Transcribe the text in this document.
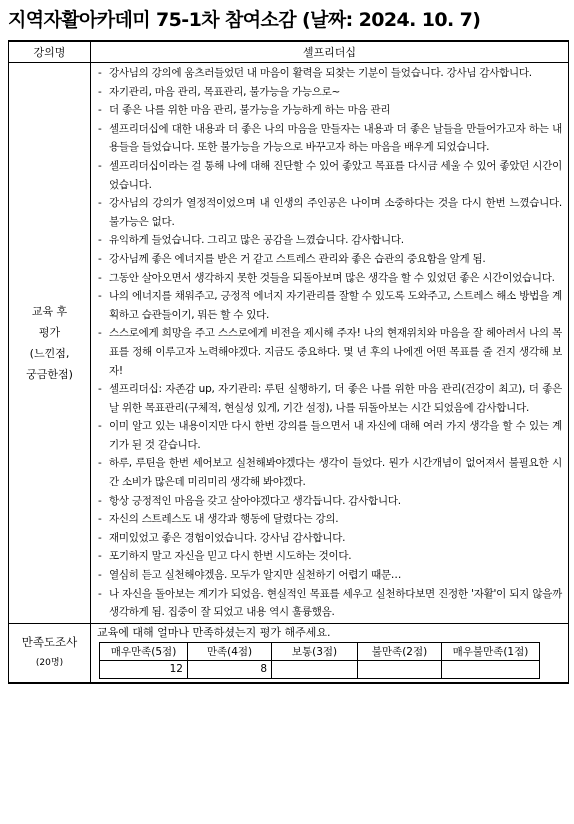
지역자활아카데미 75-1차 참여소감 (날짜: 2024. 10. 7)
강의명	셀프리더십

교육 후
평가
(느낀점,
궁금한점)

- 강사님의 강의에 움츠러들었던 내 마음이 활력을 되찾는 기분이 들었습니다. 강사님 감사합니다.
- 자기관리, 마음 관리, 목표관리, 불가능을 가능으로~
- 더 좋은 나를 위한 마음 관리, 불가능을 가능하게 하는 마음 관리
- 셀프리더십에 대한 내용과 더 좋은 나의 마음을 만들자는 내용과 더 좋은 날들을 만들어가고자 하는 내용들을 들었습니다. 또한 불가능을 가능으로 바꾸고자 하는 마음을 배우게 되었습니다.
- 셀프리더십이라는 걸 통해 나에 대해 진단할 수 있어 좋았고 목표를 다시금 세울 수 있어 좋았던 시간이었습니다.
- 강사님의 강의가 열정적이었으며 내 인생의 주인공은 나이며 소중하다는 것을 다시 한번 느꼈습니다. 불가능은 없다.
- 유익하게 들었습니다. 그리고 많은 공감을 느꼈습니다. 감사합니다.
- 강사님께 좋은 에너지를 받은 거 같고 스트레스 관리와 좋은 습관의 중요함을 알게 됨.
- 그동안 살아오면서 생각하지 못한 것들을 되돌아보며 많은 생각을 할 수 있었던 좋은 시간이었습니다.
- 나의 에너지를 채워주고, 긍정적 에너지 자기관리를 잘할 수 있도록 도와주고, 스트레스 해소 방법을 계획하고 습관들이기, 뭐든 할 수 있다.
- 스스로에게 희망을 주고 스스로에게 비전을 제시해 주자! 나의 현재위치와 마음을 잘 헤아려서 나의 목표를 정해 이루고자 노력해야겠다. 지금도 중요하다. 몇 년 후의 나에겐 어떤 목표를 줄 건지 생각해 보자!
- 셀프리더십: 자존감 up, 자기관리: 루틴 실행하기, 더 좋은 나를 위한 마음 관리(건강이 최고), 더 좋은 날 위한 목표관리(구체적, 현실성 있게, 기간 설정), 나를 뒤돌아보는 시간 되었음에 감사합니다.
- 이미 알고 있는 내용이지만 다시 한번 강의를 들으면서 내 자신에 대해 여러 가지 생각을 할 수 있는 계기가 된 것 같습니다.
- 하루, 루틴을 한번 세어보고 실천해봐야겠다는 생각이 들었다. 뭔가 시간개념이 없어져서 불필요한 시간 소비가 많은데 미리미리 생각해 봐야겠다.
- 항상 긍정적인 마음을 갖고 살아야겠다고 생각듭니다. 감사합니다.
- 자신의 스트레스도 내 생각과 행동에 달렸다는 강의.
- 재미있었고 좋은 경험이었습니다. 강사님 감사합니다.
- 포기하지 말고 자신을 믿고 다시 한번 시도하는 것이다.
- 열심히 듣고 실천해야겠음. 모두가 알지만 실천하기 어렵기 때문…
- 나 자신을 돌아보는 계기가 되었음. 현실적인 목표를 세우고 실천하다보면 진정한 '자활'이 되지 않을까 생각하게 됨. 집중이 잘 되었고 내용 역시 훌륭했음.

만족도조사
(20명)

교육에 대해 얼마나 만족하셨는지 평가 해주세요.
매우만족(5점)	만족(4점)	보통(3점)	불만족(2점)	매우불만족(1점)
12	8			
